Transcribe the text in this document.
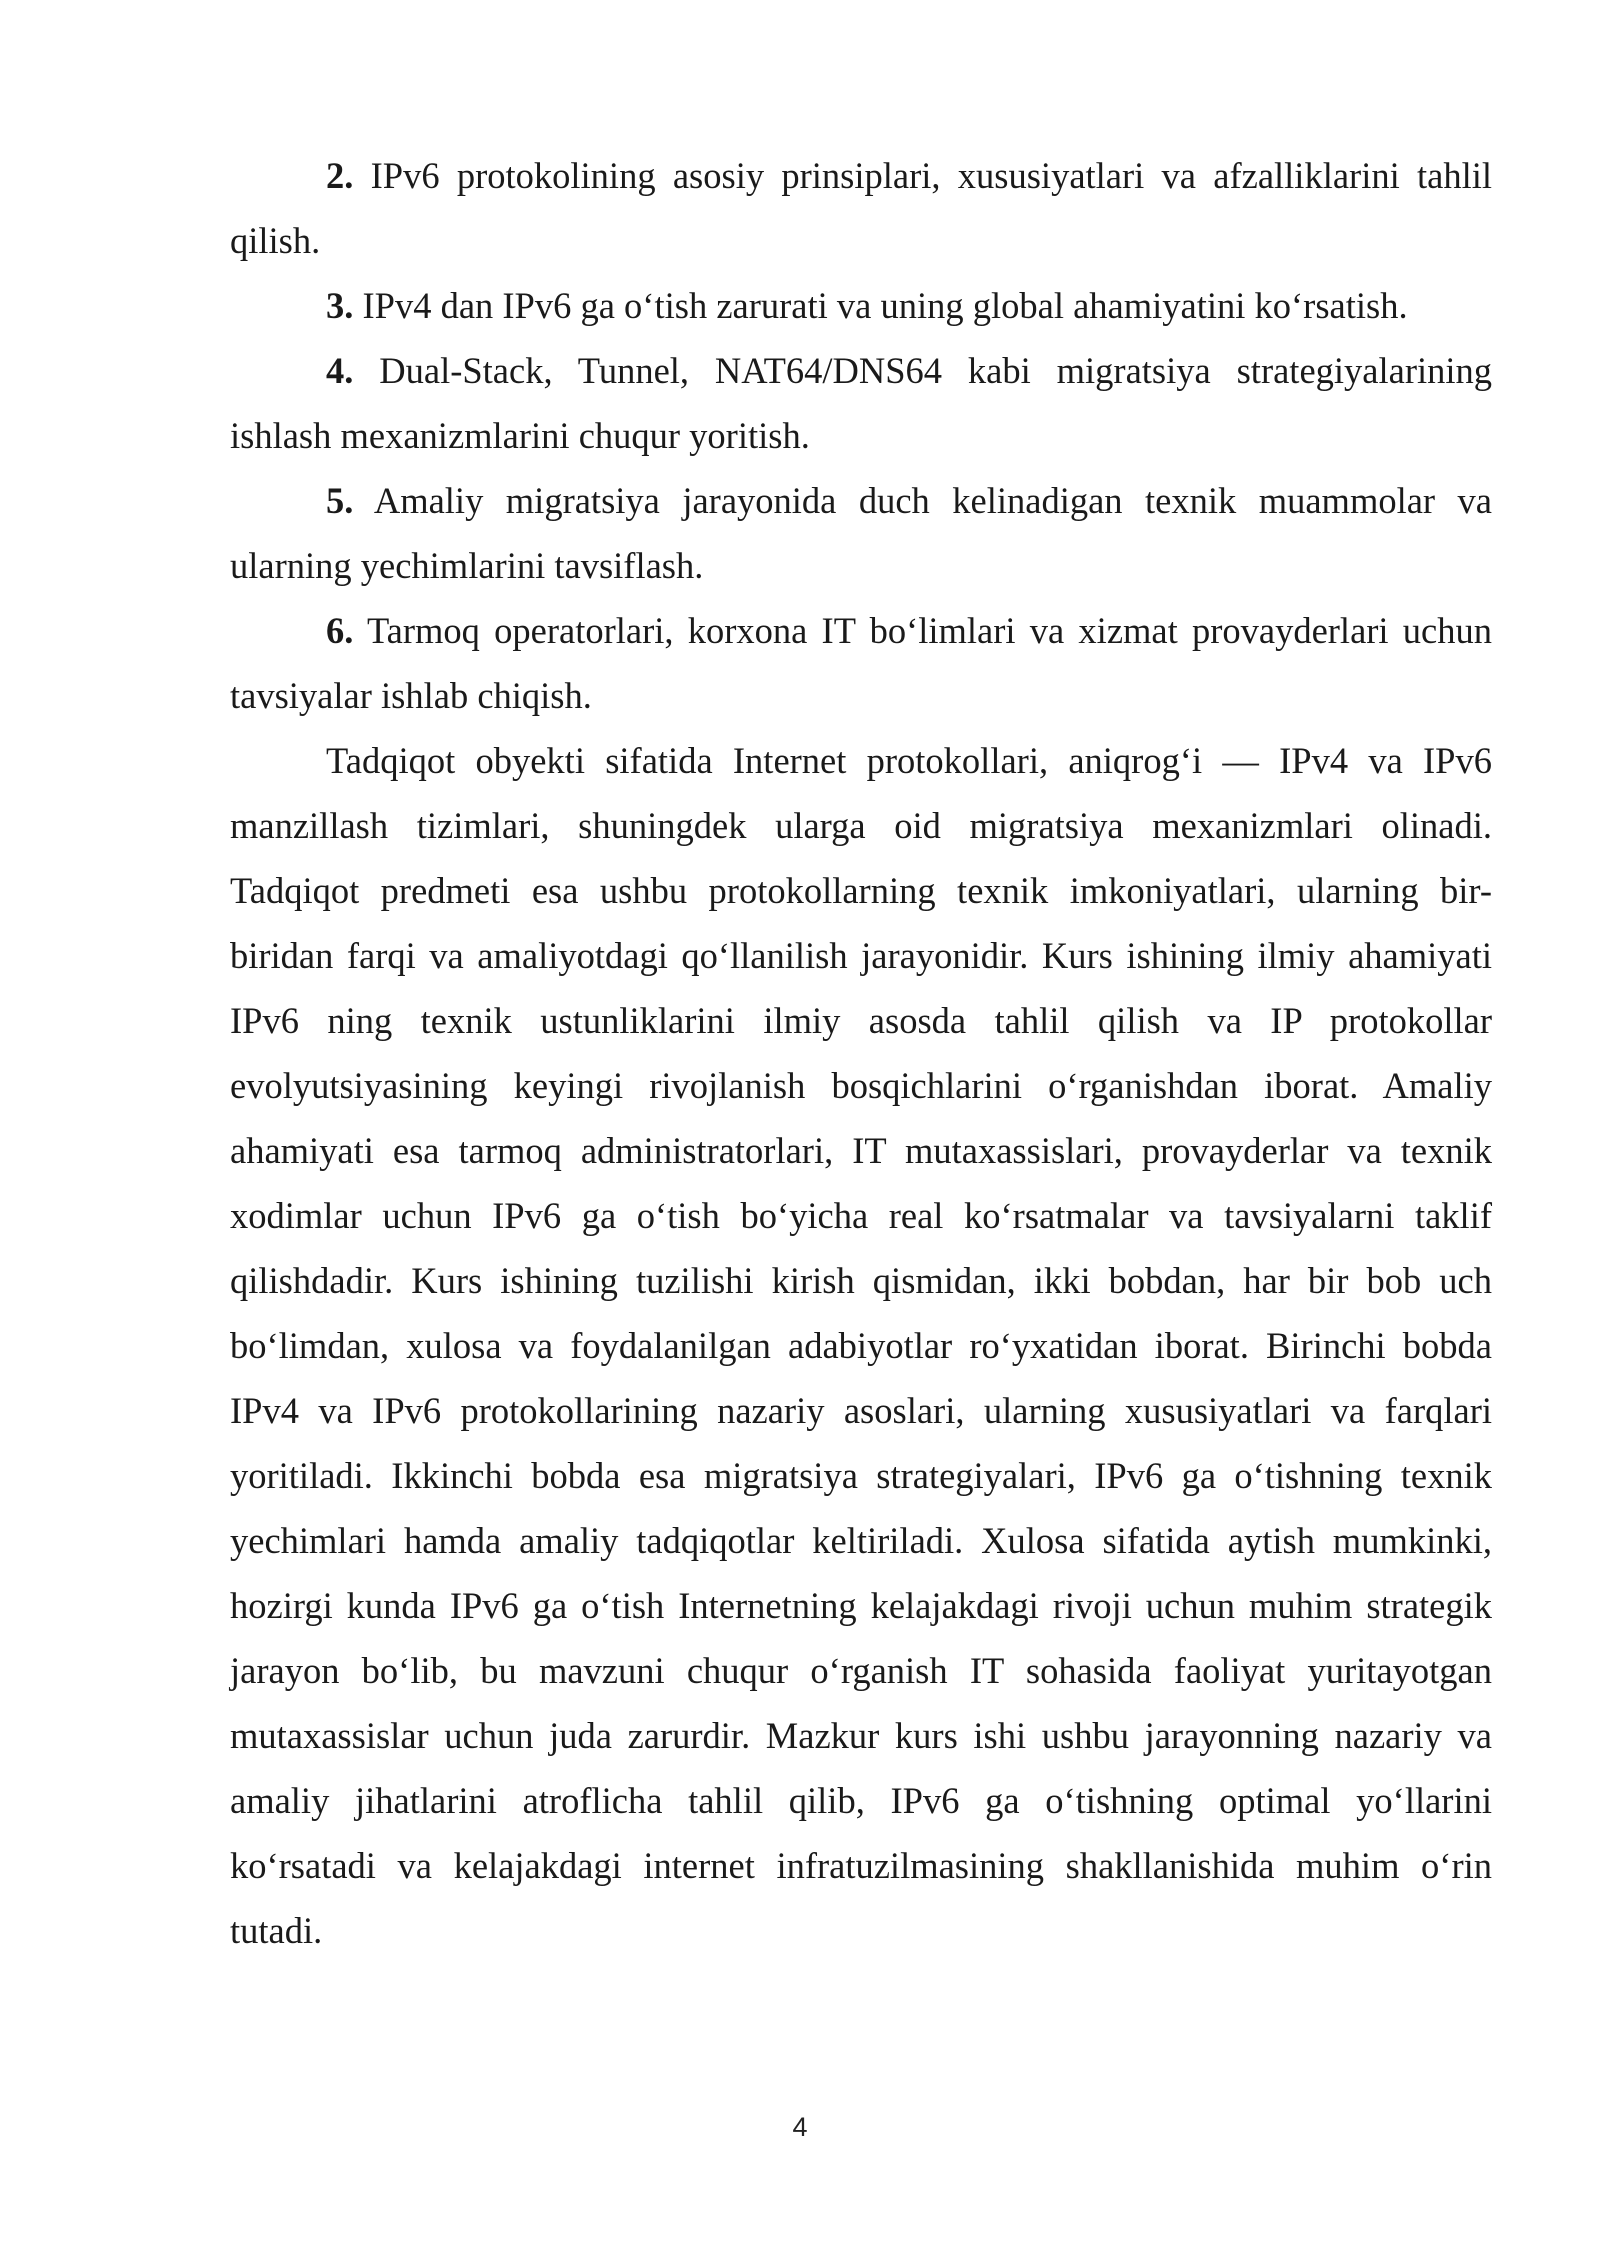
2. IPv6 protokolining asosiy prinsiplari, xususiyatlari va afzalliklarini tahlil qilish.

3. IPv4 dan IPv6 ga o‘tish zarurati va uning global ahamiyatini ko‘rsatish.

4. Dual-Stack, Tunnel, NAT64/DNS64 kabi migratsiya strategiyalarining ishlash mexanizmlarini chuqur yoritish.

5. Amaliy migratsiya jarayonida duch kelinadigan texnik muammolar va ularning yechimlarini tavsiflash.

6. Tarmoq operatorlari, korxona IT bo‘limlari va xizmat provayderlari uchun tavsiyalar ishlab chiqish.

Tadqiqot obyekti sifatida Internet protokollari, aniqrog‘i — IPv4 va IPv6 manzillash tizimlari, shuningdek ularga oid migratsiya mexanizmlari olinadi. Tadqiqot predmeti esa ushbu protokollarning texnik imkoniyatlari, ularning bir-biridan farqi va amaliyotdagi qo‘llanilish jarayonidir. Kurs ishining ilmiy ahamiyati IPv6 ning texnik ustunliklarini ilmiy asosda tahlil qilish va IP protokollar evolyutsiyasining keyingi rivojlanish bosqichlarini o‘rganishdan iborat. Amaliy ahamiyati esa tarmoq administratorlari, IT mutaxassislari, provayderlar va texnik xodimlar uchun IPv6 ga o‘tish bo‘yicha real ko‘rsatmalar va tavsiyalarni taklif qilishdadir. Kurs ishining tuzilishi kirish qismidan, ikki bobdan, har bir bob uch bo‘limdan, xulosa va foydalanilgan adabiyotlar ro‘yxatidan iborat. Birinchi bobda IPv4 va IPv6 protokollarining nazariy asoslari, ularning xususiyatlari va farqlari yoritiladi. Ikkinchi bobda esa migratsiya strategiyalari, IPv6 ga o‘tishning texnik yechimlari hamda amaliy tadqiqotlar keltiriladi. Xulosa sifatida aytish mumkinki, hozirgi kunda IPv6 ga o‘tish Internetning kelajakdagi rivoji uchun muhim strategik jarayon bo‘lib, bu mavzuni chuqur o‘rganish IT sohasida faoliyat yuritayotgan mutaxassislar uchun juda zarurdir. Mazkur kurs ishi ushbu jarayonning nazariy va amaliy jihatlarini atroflicha tahlil qilib, IPv6 ga o‘tishning optimal yo‘llarini ko‘rsatadi va kelajakdagi internet infratuzilmasining shakllanishida muhim o‘rin tutadi.

4
